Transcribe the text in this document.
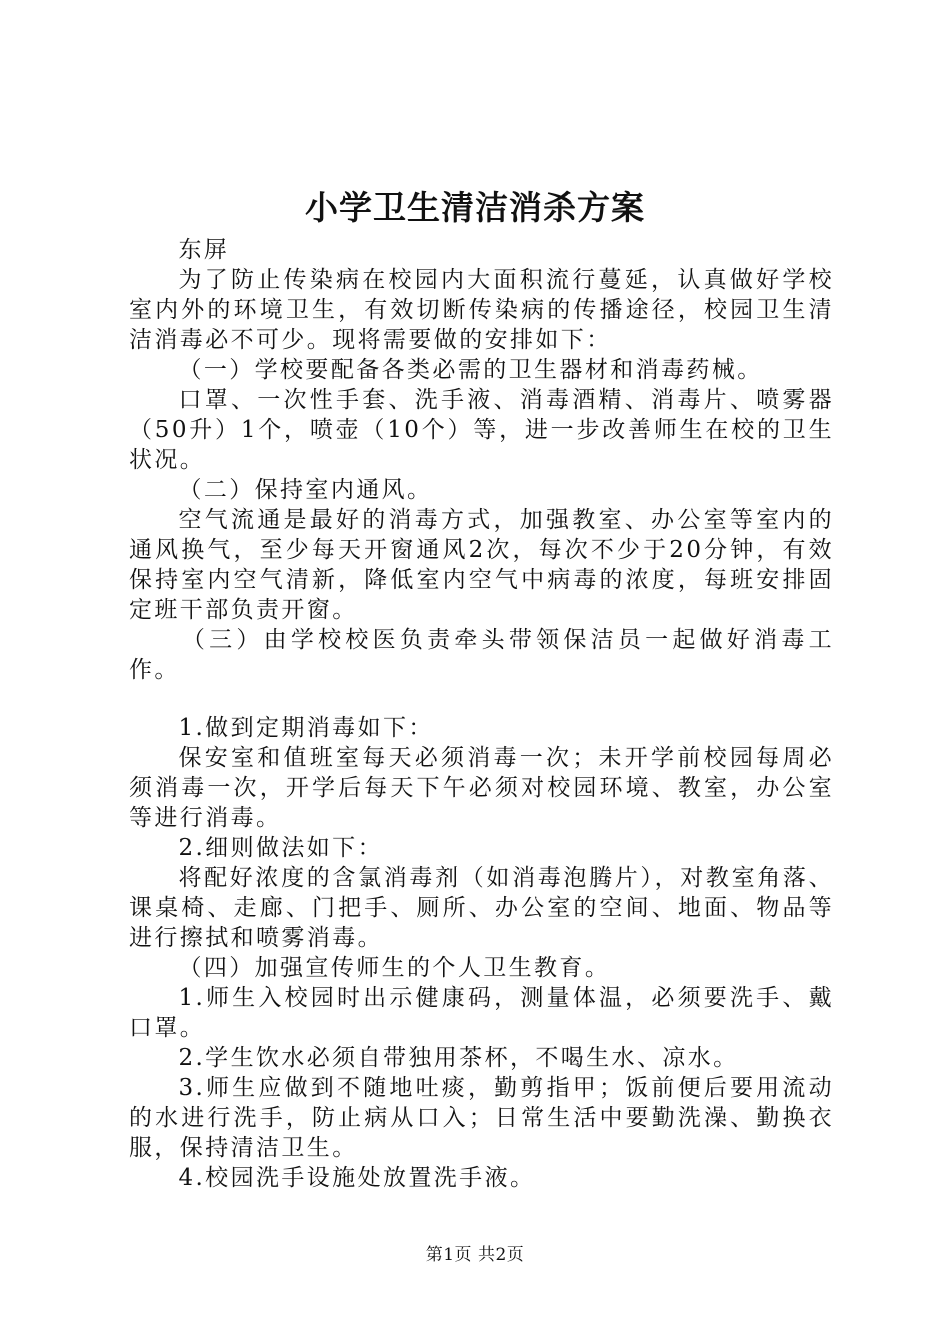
小学卫生清洁消杀方案

东屏

为了防止传染病在校园内大面积流行蔓延，认真做好学校室内外的环境卫生，有效切断传染病的传播途径，校园卫生清洁消毒必不可少。现将需要做的安排如下：

（一）学校要配备各类必需的卫生器材和消毒药械。

口罩、一次性手套、洗手液、消毒酒精、消毒片、喷雾器（50升）1个，喷壶（10个）等，进一步改善师生在校的卫生状况。

（二）保持室内通风。

空气流通是最好的消毒方式，加强教室、办公室等室内的通风换气，至少每天开窗通风2次，每次不少于20分钟，有效保持室内空气清新，降低室内空气中病毒的浓度，每班安排固定班干部负责开窗。

（三）由学校校医负责牵头带领保洁员一起做好消毒工作。

1.做到定期消毒如下：

保安室和值班室每天必须消毒一次；未开学前校园每周必须消毒一次，开学后每天下午必须对校园环境、教室，办公室等进行消毒。

2.细则做法如下：

将配好浓度的含氯消毒剂（如消毒泡腾片），对教室角落、课桌椅、走廊、门把手、厕所、办公室的空间、地面、物品等进行擦拭和喷雾消毒。

（四）加强宣传师生的个人卫生教育。

1.师生入校园时出示健康码，测量体温，必须要洗手、戴口罩。

2.学生饮水必须自带独用茶杯，不喝生水、凉水。

3.师生应做到不随地吐痰，勤剪指甲；饭前便后要用流动的水进行洗手，防止病从口入；日常生活中要勤洗澡、勤换衣服，保持清洁卫生。

4.校园洗手设施处放置洗手液。

第1页 共2页
